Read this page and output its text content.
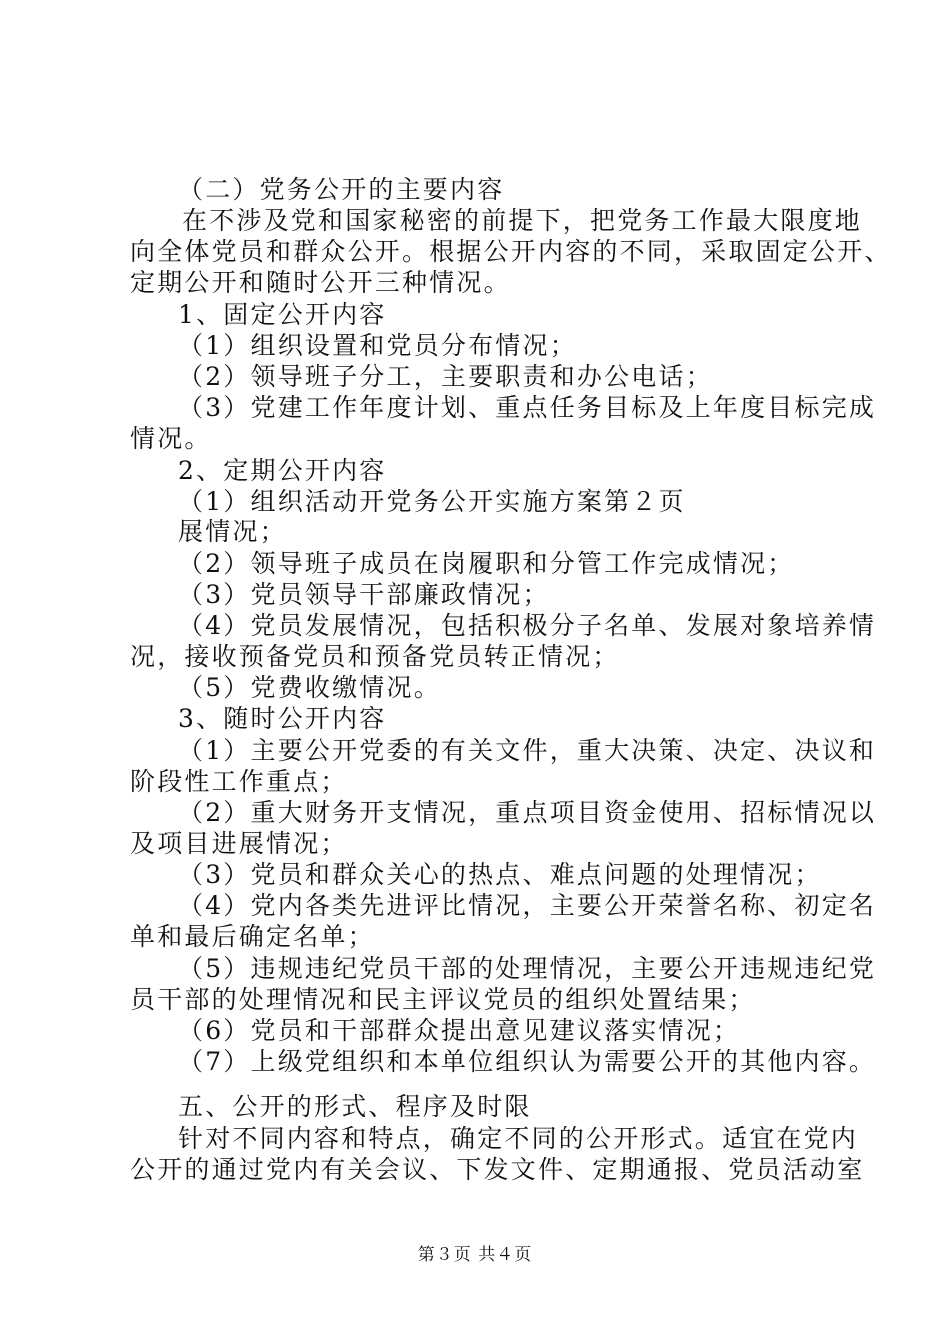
（二）党务公开的主要内容
在不涉及党和国家秘密的前提下，把党务工作最大限度地
向全体党员和群众公开。根据公开内容的不同，采取固定公开、
定期公开和随时公开三种情况。
1、固定公开内容
（1）组织设置和党员分布情况；
（2）领导班子分工，主要职责和办公电话；
（3）党建工作年度计划、重点任务目标及上年度目标完成
情况。
2、定期公开内容
（1）组织活动开党务公开实施方案第２页
展情况；
（2）领导班子成员在岗履职和分管工作完成情况；
（3）党员领导干部廉政情况；
（4）党员发展情况，包括积极分子名单、发展对象培养情
况，接收预备党员和预备党员转正情况；
（5）党费收缴情况。
3、随时公开内容
（1）主要公开党委的有关文件，重大决策、决定、决议和
阶段性工作重点；
（2）重大财务开支情况，重点项目资金使用、招标情况以
及项目进展情况；
（3）党员和群众关心的热点、难点问题的处理情况；
（4）党内各类先进评比情况，主要公开荣誉名称、初定名
单和最后确定名单；
（5）违规违纪党员干部的处理情况，主要公开违规违纪党
员干部的处理情况和民主评议党员的组织处置结果；
（6）党员和干部群众提出意见建议落实情况；
（7）上级党组织和本单位组织认为需要公开的其他内容。
五、公开的形式、程序及时限
针对不同内容和特点，确定不同的公开形式。适宜在党内
公开的通过党内有关会议、下发文件、定期通报、党员活动室
第３页 共４页
